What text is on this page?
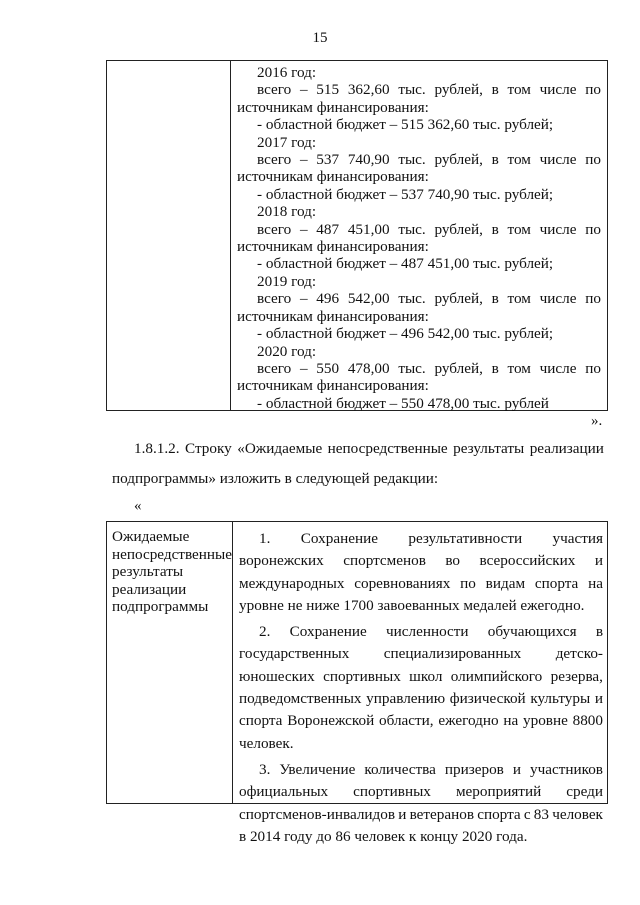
15
2016 год:
всего – 515 362,60 тыс. рублей, в том числе по
источникам финансирования:
- областной бюджет – 515 362,60 тыс. рублей;
2017 год:
всего – 537 740,90 тыс. рублей, в том числе по
источникам финансирования:
- областной бюджет – 537 740,90 тыс. рублей;
2018 год:
всего – 487 451,00 тыс. рублей, в том числе по
источникам финансирования:
- областной бюджет – 487 451,00 тыс. рублей;
2019 год:
всего – 496 542,00 тыс. рублей, в том числе по
источникам финансирования:
- областной бюджет – 496 542,00 тыс. рублей;
2020 год:
всего – 550 478,00 тыс. рублей, в том числе по
источникам финансирования:
- областной бюджет – 550 478,00 тыс. рублей
».
1.8.1.2. Строку «Ожидаемые непосредственные результаты реализации
подпрограммы» изложить в следующей редакции:
«
Ожидаемые
непосредственные
результаты
реализации
подпрограммы
1. Сохранение результативности участия
воронежских спортсменов во всероссийских и
международных соревнованиях по видам спорта на
уровне не ниже 1700 завоеванных медалей ежегодно.
2. Сохранение численности обучающихся в
государственных специализированных детско-
юношеских спортивных школ олимпийского резерва,
подведомственных управлению физической культуры и
спорта Воронежской области, ежегодно на уровне 8800
человек.
3. Увеличение количества призеров и участников
официальных спортивных мероприятий среди
спортсменов-инвалидов и ветеранов спорта с 83 человек
в 2014 году до 86 человек к концу 2020 года.
